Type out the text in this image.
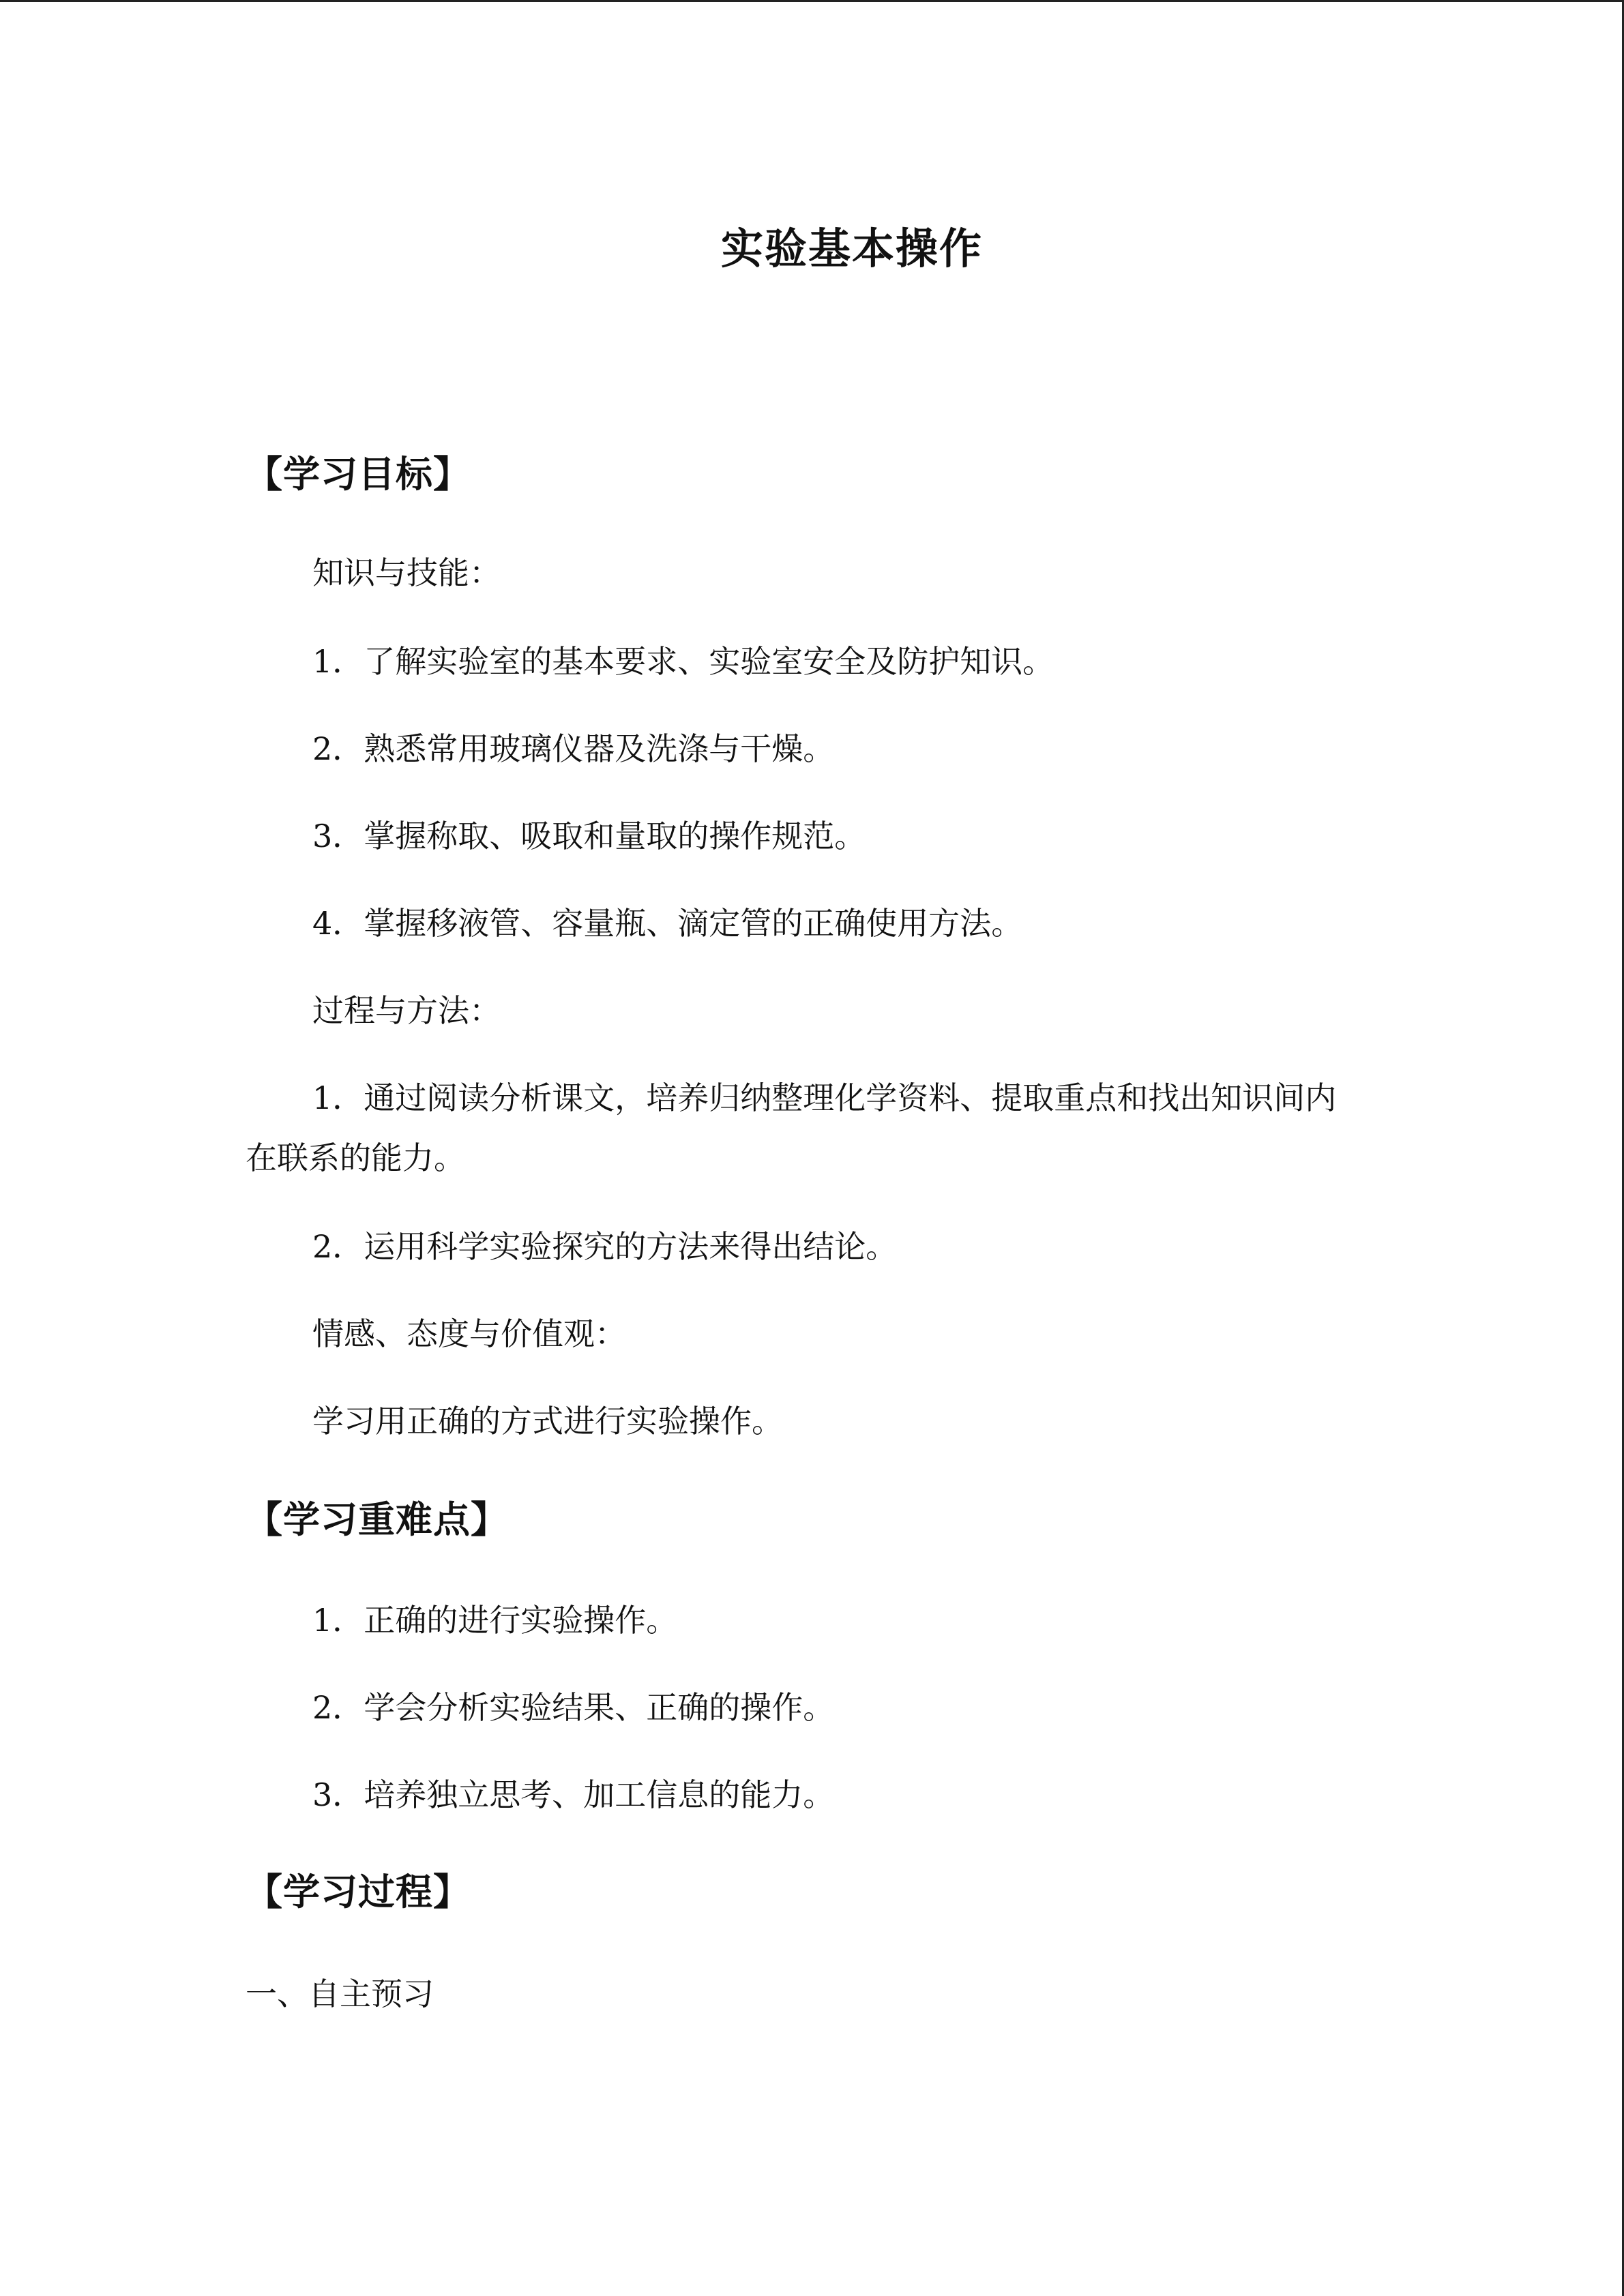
实验基本操作
【学习目标】
知识与技能：
1．了解实验室的基本要求、实验室安全及防护知识。
2．熟悉常用玻璃仪器及洗涤与干燥。
3．掌握称取、吸取和量取的操作规范。
4．掌握移液管、容量瓶、滴定管的正确使用方法。
过程与方法：
1．通过阅读分析课文，培养归纳整理化学资料、提取重点和找出知识间内
在联系的能力。
2．运用科学实验探究的方法来得出结论。
情感、态度与价值观：
学习用正确的方式进行实验操作。
【学习重难点】
1．正确的进行实验操作。
2．学会分析实验结果、正确的操作。
3．培养独立思考、加工信息的能力。
【学习过程】
一、自主预习
